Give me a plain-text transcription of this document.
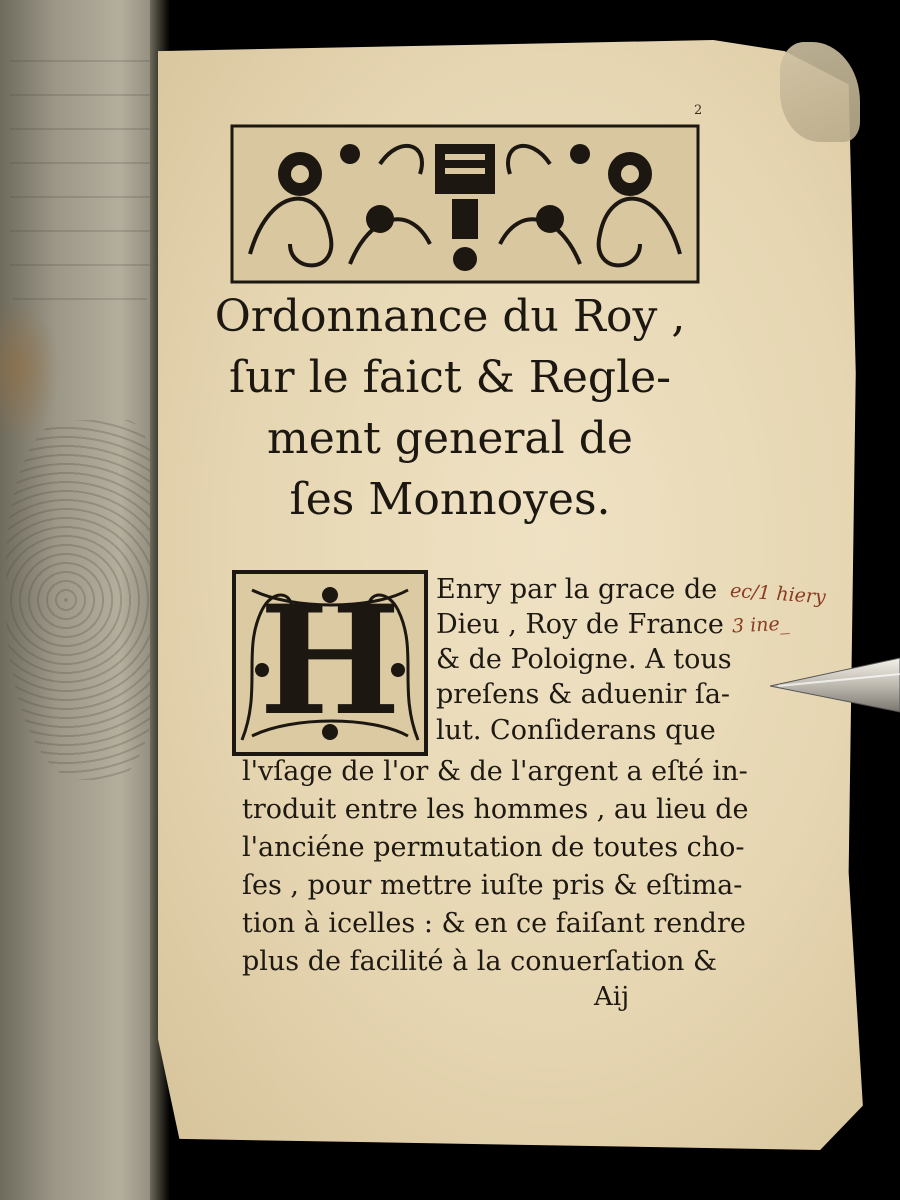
2

Ordonnance du Roy ,

ſur le faict & Regle-

ment general de

ſes Monnoyes.

H	Enry par la grace de

Dieu , Roy de France

& de Poloigne. A tous

preſens & aduenir ſa-

lut. Conſiderans que

l'vſage de l'or & de l'argent a eſté in-

troduit entre les hommes , au lieu de

l'anciéne permutation de toutes cho-

ſes , pour mettre iuſte pris & eſtima-

tion à icelles : & en ce faiſant rendre

plus de facilité à la conuerſation &

Aij

ec/1 hiery

3 ine_
